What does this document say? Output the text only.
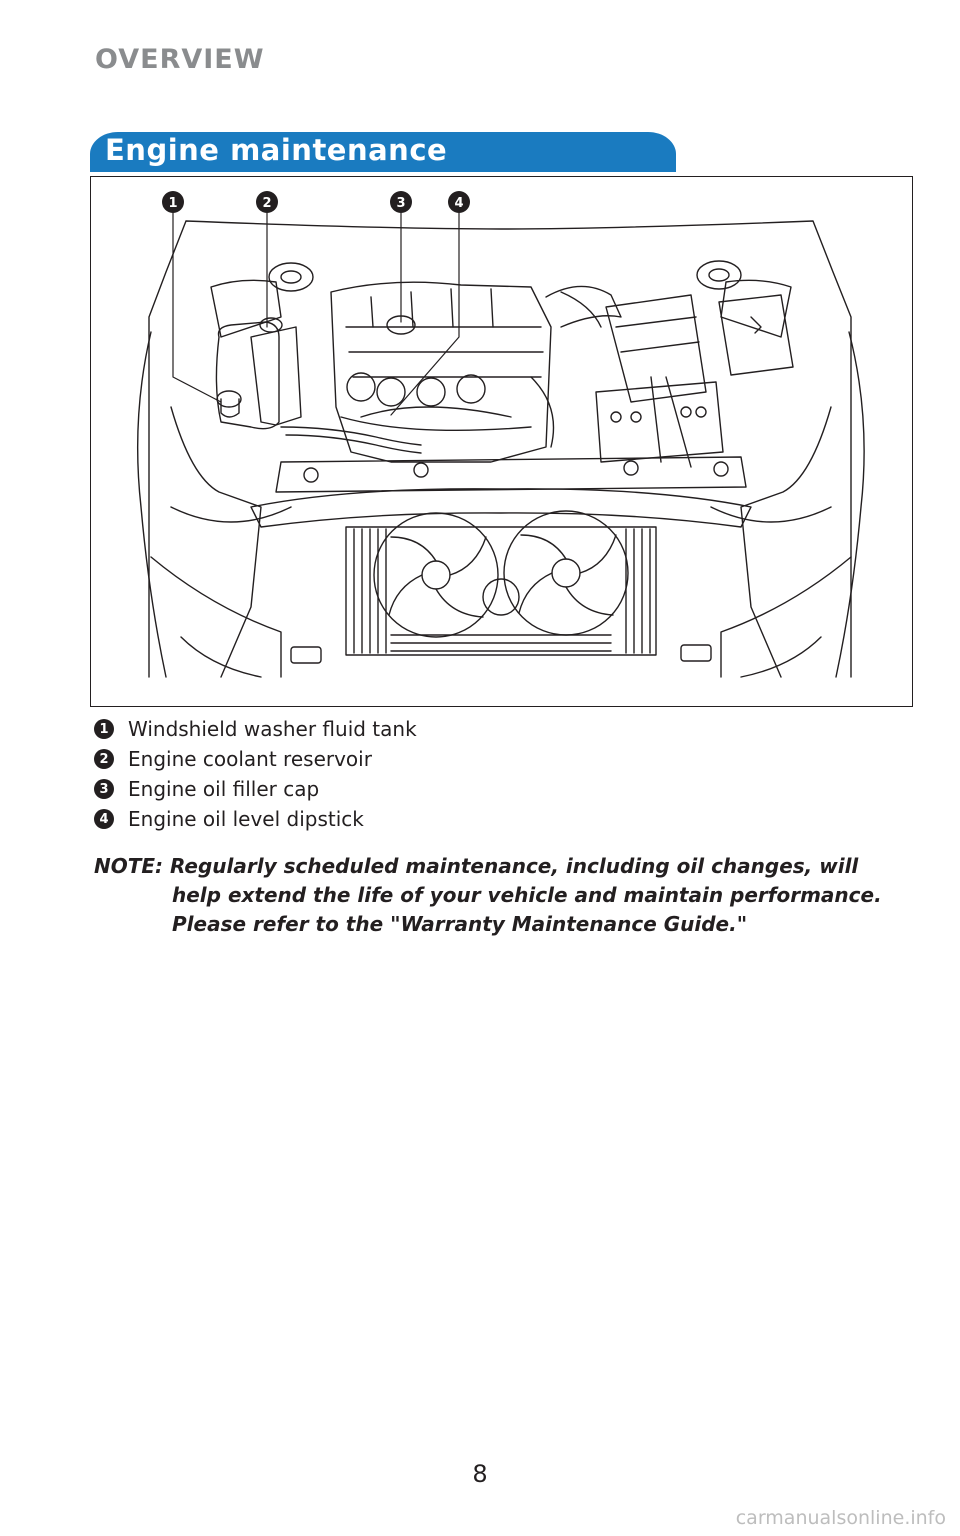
OVERVIEW
Engine maintenance
1	2	3	4
1 Windshield washer fluid tank
2 Engine coolant reservoir
3 Engine oil filler cap
4 Engine oil level dipstick
NOTE: Regularly scheduled maintenance, including oil changes, will
help extend the life of your vehicle and maintain performance.
Please refer to the "Warranty Maintenance Guide."
8
carmanualsonline.info
